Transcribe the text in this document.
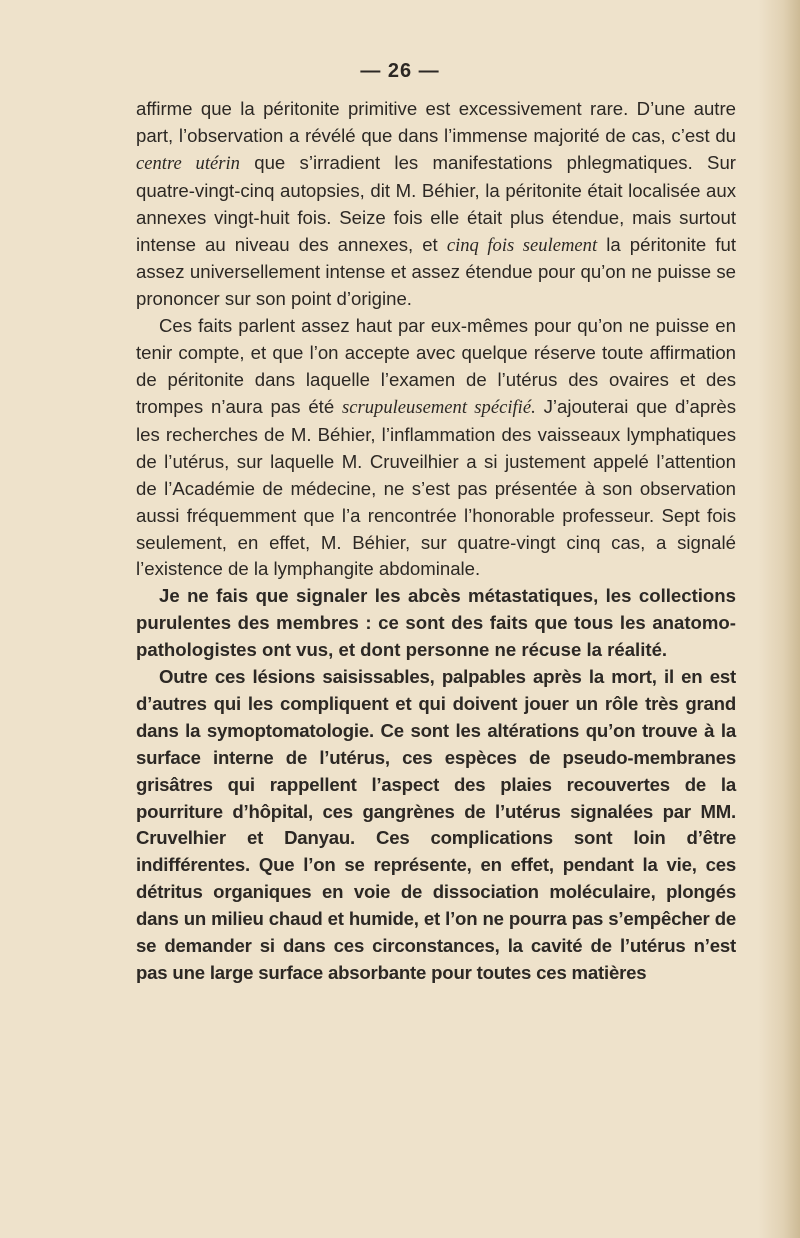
— 26 —

affirme que la péritonite primitive est excessivement rare. D’une autre part, l’observation a révélé que dans l’immense majorité de cas, c’est du centre utérin que s’irradient les manifestations phlegmatiques. Sur quatre-vingt-cinq autopsies, dit M. Béhier, la péritonite était localisée aux annexes vingt-huit fois. Seize fois elle était plus étendue, mais surtout intense au niveau des annexes, et cinq fois seulement la péritonite fut assez universellement intense et assez étendue pour qu’on ne puisse se prononcer sur son point d’origine.

Ces faits parlent assez haut par eux-mêmes pour qu’on ne puisse en tenir compte, et que l’on accepte avec quelque réserve toute affirmation de péritonite dans laquelle l’examen de l’utérus des ovaires et des trompes n’aura pas été scrupuleusement spécifié. J’ajouterai que d’après les recherches de M. Béhier, l’inflammation des vaisseaux lymphatiques de l’utérus, sur laquelle M. Cruveilhier a si justement appelé l’attention de l’Académie de médecine, ne s’est pas présentée à son observation aussi fréquemment que l’a rencontrée l’honorable professeur. Sept fois seulement, en effet, M. Béhier, sur quatre-vingt cinq cas, a signalé l’existence de la lymphangite abdominale.

Je ne fais que signaler les abcès métastatiques, les collections purulentes des membres : ce sont des faits que tous les anatomo-pathologistes ont vus, et dont personne ne récuse la réalité.

Outre ces lésions saisissables, palpables après la mort, il en est d’autres qui les compliquent et qui doivent jouer un rôle très grand dans la symoptomatologie. Ce sont les altérations qu’on trouve à la surface interne de l’utérus, ces espèces de pseudo-membranes grisâtres qui rappellent l’aspect des plaies recouvertes de la pourriture d’hôpital, ces gangrènes de l’utérus signalées par MM. Cruvelhier et Danyau. Ces complications sont loin d’être indifférentes. Que l’on se représente, en effet, pendant la vie, ces détritus organiques en voie de dissociation moléculaire, plongés dans un milieu chaud et humide, et l’on ne pourra pas s’empêcher de se demander si dans ces circonstances, la cavité de l’utérus n’est pas une large surface absorbante pour toutes ces matières
